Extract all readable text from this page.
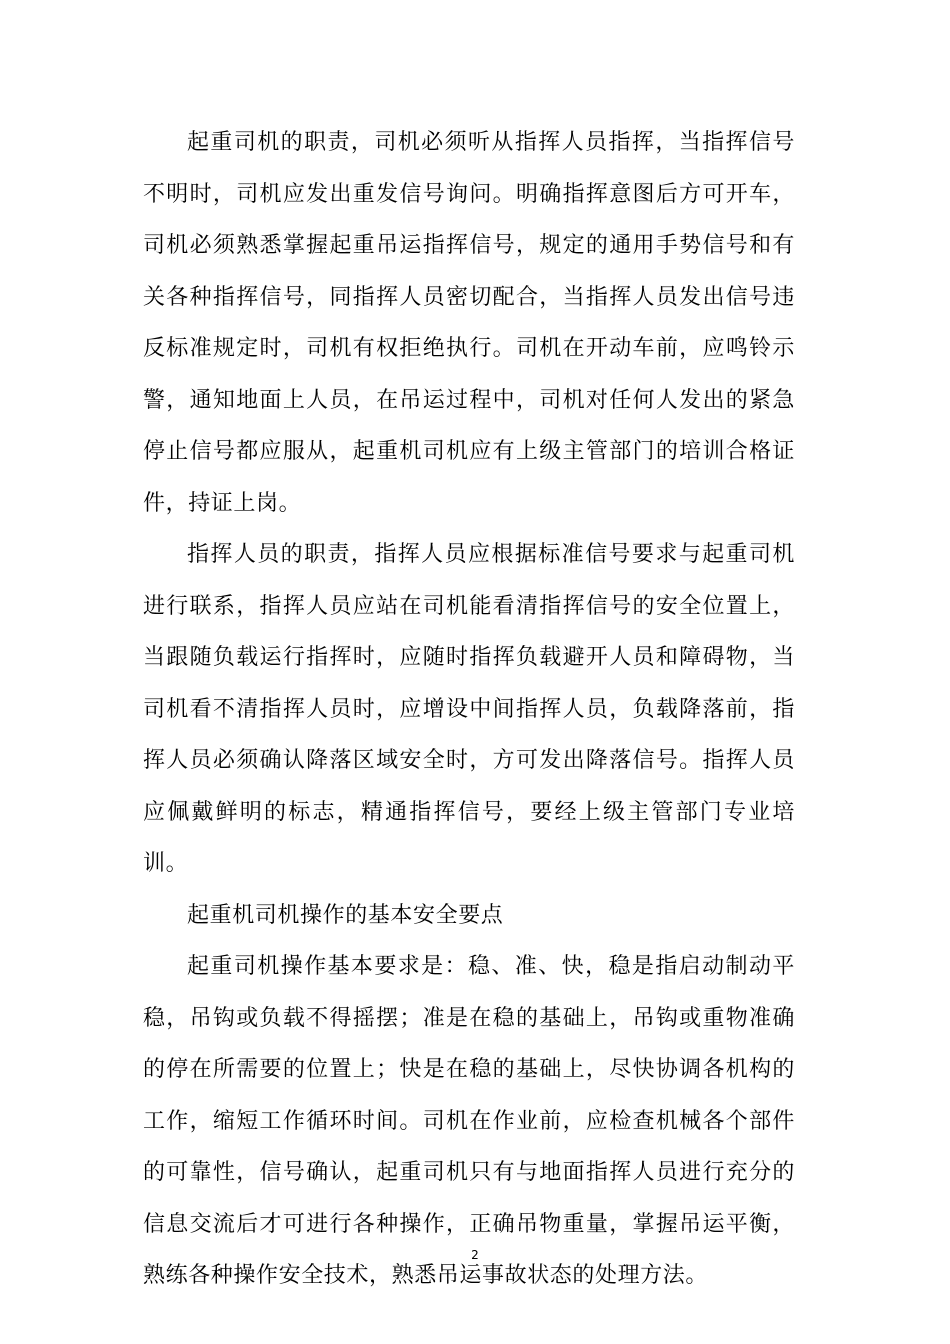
起重司机的职责，司机必须听从指挥人员指挥，当指挥信号不明时，司机应发出重发信号询问。明确指挥意图后方可开车，司机必须熟悉掌握起重吊运指挥信号，规定的通用手势信号和有关各种指挥信号，同指挥人员密切配合，当指挥人员发出信号违反标准规定时，司机有权拒绝执行。司机在开动车前，应鸣铃示警，通知地面上人员，在吊运过程中，司机对任何人发出的紧急停止信号都应服从，起重机司机应有上级主管部门的培训合格证件，持证上岗。

指挥人员的职责，指挥人员应根据标准信号要求与起重司机进行联系，指挥人员应站在司机能看清指挥信号的安全位置上，当跟随负载运行指挥时，应随时指挥负载避开人员和障碍物，当司机看不清指挥人员时，应增设中间指挥人员，负载降落前，指挥人员必须确认降落区域安全时，方可发出降落信号。指挥人员应佩戴鲜明的标志，精通指挥信号，要经上级主管部门专业培训。

起重机司机操作的基本安全要点

起重司机操作基本要求是：稳、准、快，稳是指启动制动平稳，吊钩或负载不得摇摆；准是在稳的基础上，吊钩或重物准确的停在所需要的位置上；快是在稳的基础上，尽快协调各机构的工作，缩短工作循环时间。司机在作业前，应检查机械各个部件的可靠性，信号确认，起重司机只有与地面指挥人员进行充分的信息交流后才可进行各种操作，正确吊物重量，掌握吊运平衡，熟练各种操作安全技术，熟悉吊运事故状态的处理方法。

2
